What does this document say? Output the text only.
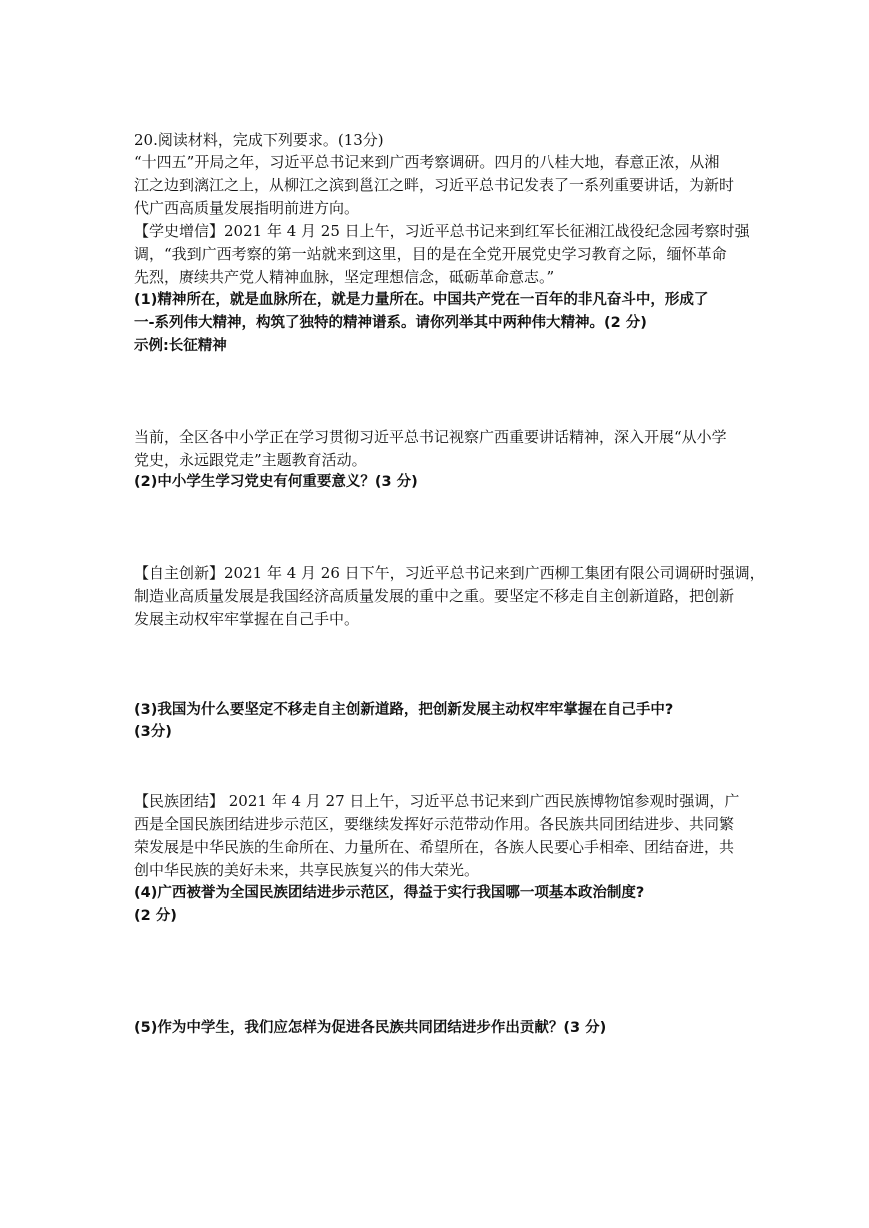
20.阅读材料，完成下列要求。(13分)
“十四五”开局之年，习近平总书记来到广西考察调研。四月的八桂大地，春意正浓，从湘
江之边到漓江之上，从柳江之滨到邕江之畔，习近平总书记发表了一系列重要讲话，为新时
代广西高质量发展指明前进方向。
【学史增信】2021 年 4 月 25 日上午，习近平总书记来到红军长征湘江战役纪念园考察时强
调，“我到广西考察的第一站就来到这里，目的是在全党开展党史学习教育之际，缅怀革命
先烈，赓续共产党人精神血脉，坚定理想信念，砥砺革命意志。”
(1)精神所在，就是血脉所在，就是力量所在。中国共产党在一百年的非凡奋斗中，形成了
一-系列伟大精神，构筑了独特的精神谱系。请你列举其中两种伟大精神。(2 分)
示例:长征精神
当前，全区各中小学正在学习贯彻习近平总书记视察广西重要讲话精神，深入开展“从小学
党史，永远跟党走”主题教育活动。
(2)中小学生学习党史有何重要意义？(3 分)
【自主创新】2021 年 4 月 26 日下午，习近平总书记来到广西柳工集团有限公司调研时强调，
制造业高质量发展是我国经济高质量发展的重中之重。要坚定不移走自主创新道路，把创新
发展主动权牢牢掌握在自己手中。
(3)我国为什么要坚定不移走自主创新道路，把创新发展主动权牢牢掌握在自己手中?
(3分)
【民族团结】 2021 年 4 月 27 日上午，习近平总书记来到广西民族博物馆参观时强调，广
西是全国民族团结进步示范区，要继续发挥好示范带动作用。各民族共同团结进步、共同繁
荣发展是中华民族的生命所在、力量所在、希望所在，各族人民要心手相牵、团结奋进，共
创中华民族的美好未来，共享民族复兴的伟大荣光。
(4)广西被誉为全国民族团结进步示范区，得益于实行我国哪一项基本政治制度?
(2 分)
(5)作为中学生，我们应怎样为促进各民族共同团结进步作出贡献？(3 分)
